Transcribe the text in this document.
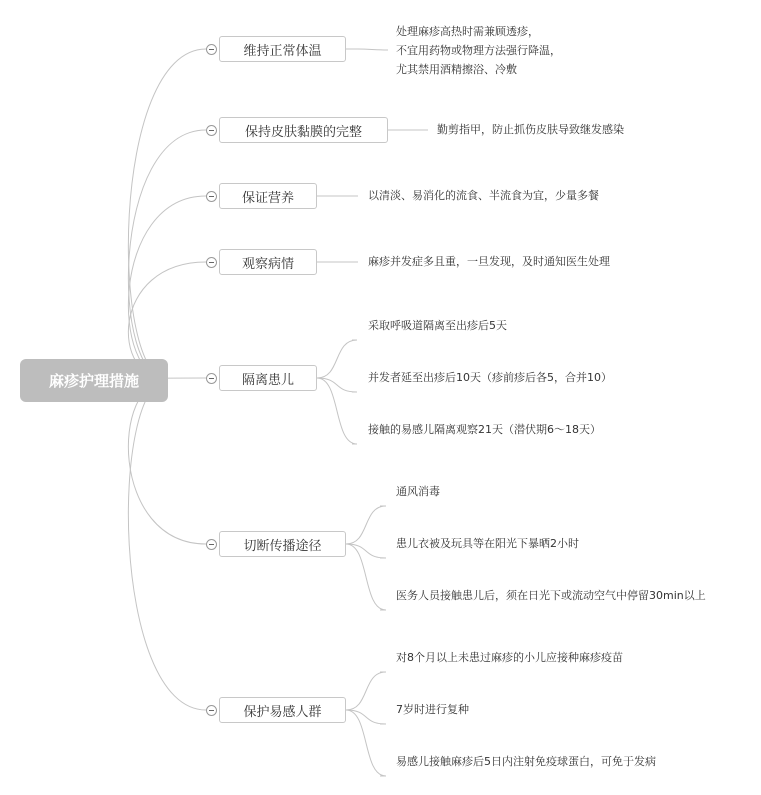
麻疹护理措施
维持正常体温
处理麻疹高热时需兼顾透疹，
不宜用药物或物理方法强行降温，
尤其禁用酒精擦浴、冷敷
保持皮肤黏膜的完整	勤剪指甲，防止抓伤皮肤导致继发感染
保证营养	以清淡、易消化的流食、半流食为宜，少量多餐
观察病情	麻疹并发症多且重，一旦发现，及时通知医生处理
隔离患儿
采取呼吸道隔离至出疹后5天
并发者延至出疹后10天（疹前疹后各5，合并10）
接触的易感儿隔离观察21天（潜伏期6～18天）
切断传播途径
通风消毒
患儿衣被及玩具等在阳光下暴晒2小时
医务人员接触患儿后，须在日光下或流动空气中停留30min以上
保护易感人群
对8个月以上未患过麻疹的小儿应接种麻疹疫苗
7岁时进行复种
易感儿接触麻疹后5日内注射免疫球蛋白，可免于发病
